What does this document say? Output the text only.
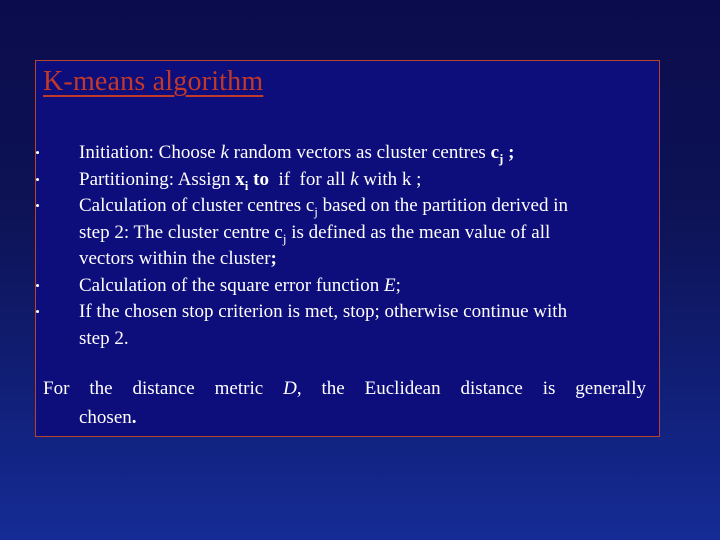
K-means algorithm
• Initiation: Choose k random vectors as cluster centres $c_j$ ;
• Partitioning: Assign $x_i$ to  if  for all k with k ;
• Calculation of cluster centres $c_j$ based on the partition derived in
step 2: The cluster centre $c_j$ is defined as the mean value of all
vectors within the cluster;
• Calculation of the square error function E;
• If the chosen stop criterion is met, stop; otherwise continue with
step 2.

For the distance metric D, the Euclidean distance is generally

chosen.
